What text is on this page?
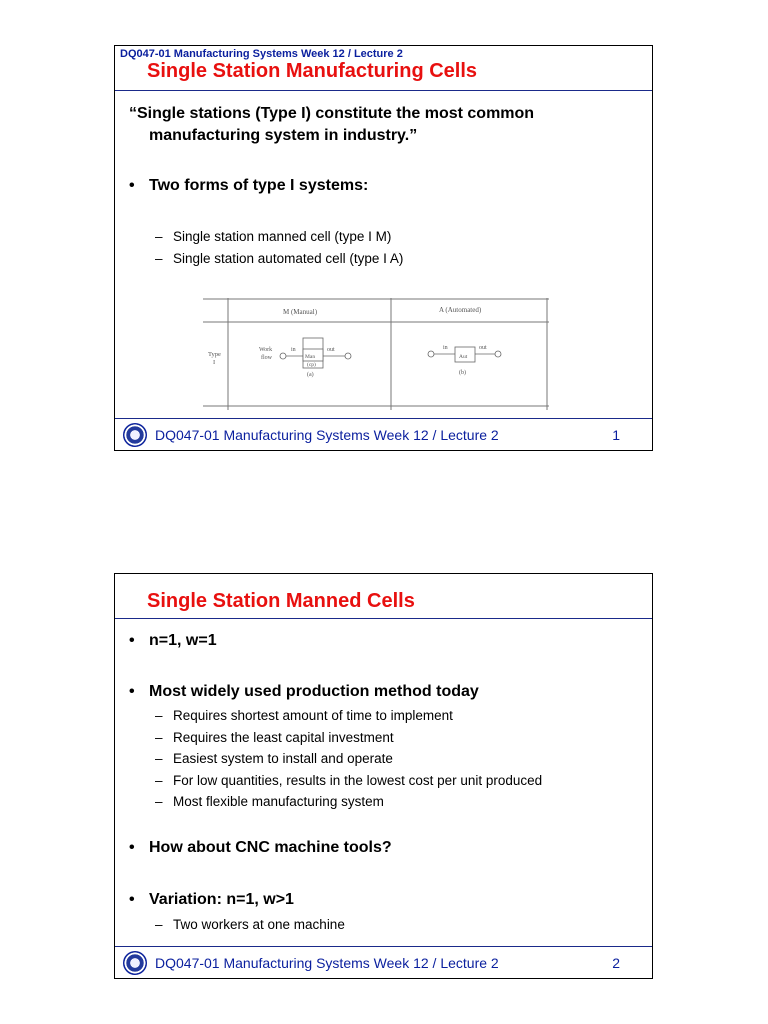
DQ047-01 Manufacturing Systems Week 12 / Lecture 2
Single Station Manufacturing Cells
“Single stations (Type I) constitute the most common
manufacturing system in industry.”
• Two forms of type I systems:
– Single station manned cell (type I M)
– Single station automated cell (type I A)
M (Manual)	A (Automated)
Type
I
Work
flow
in
Man
(cp)
out
(a)
in
Aut
out
(b)
DQ047-01 Manufacturing Systems Week 12 / Lecture 2	1
Single Station Manned Cells
• n=1, w=1
• Most widely used production method today
– Requires shortest amount of time to implement
– Requires the least capital investment
– Easiest system to install and operate
– For low quantities, results in the lowest cost per unit produced
– Most flexible manufacturing system
• How about CNC machine tools?
• Variation: n=1, w>1
– Two workers at one machine
DQ047-01 Manufacturing Systems Week 12 / Lecture 2	2
